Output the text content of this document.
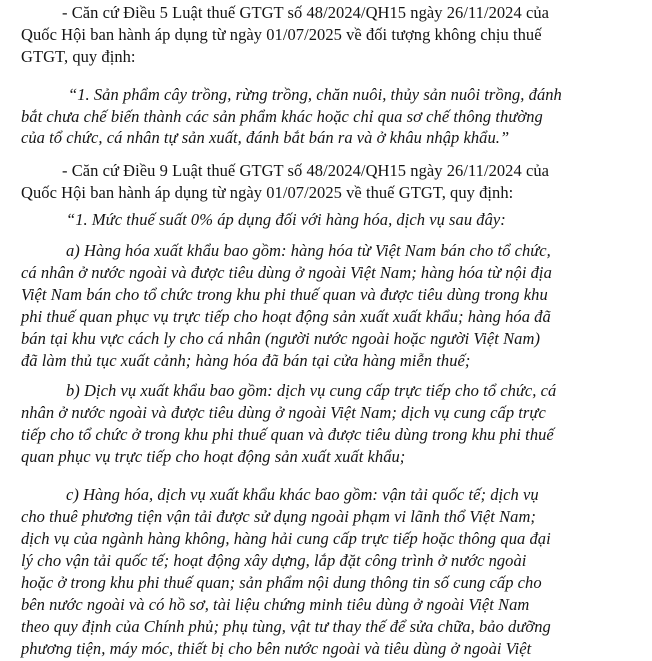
- Căn cứ Điều 5 Luật thuế GTGT số 48/2024/QH15 ngày 26/11/2024 của
Quốc Hội ban hành áp dụng từ ngày 01/07/2025 về đối tượng không chịu thuế
GTGT, quy định:
“1. Sản phẩm cây trồng, rừng trồng, chăn nuôi, thủy sản nuôi trồng, đánh
bắt chưa chế biến thành các sản phẩm khác hoặc chỉ qua sơ chế thông thường
của tổ chức, cá nhân tự sản xuất, đánh bắt bán ra và ở khâu nhập khẩu.”
- Căn cứ Điều 9 Luật thuế GTGT số 48/2024/QH15 ngày 26/11/2024 của
Quốc Hội ban hành áp dụng từ ngày 01/07/2025 về thuế GTGT, quy định:
“1. Mức thuế suất 0% áp dụng đối với hàng hóa, dịch vụ sau đây:
a) Hàng hóa xuất khẩu bao gồm: hàng hóa từ Việt Nam bán cho tổ chức,
cá nhân ở nước ngoài và được tiêu dùng ở ngoài Việt Nam; hàng hóa từ nội địa
Việt Nam bán cho tổ chức trong khu phi thuế quan và được tiêu dùng trong khu
phi thuế quan phục vụ trực tiếp cho hoạt động sản xuất xuất khẩu; hàng hóa đã
bán tại khu vực cách ly cho cá nhân (người nước ngoài hoặc người Việt Nam)
đã làm thủ tục xuất cảnh; hàng hóa đã bán tại cửa hàng miễn thuế;
b) Dịch vụ xuất khẩu bao gồm: dịch vụ cung cấp trực tiếp cho tổ chức, cá
nhân ở nước ngoài và được tiêu dùng ở ngoài Việt Nam; dịch vụ cung cấp trực
tiếp cho tổ chức ở trong khu phi thuế quan và được tiêu dùng trong khu phi thuế
quan phục vụ trực tiếp cho hoạt động sản xuất xuất khẩu;
c) Hàng hóa, dịch vụ xuất khẩu khác bao gồm: vận tải quốc tế; dịch vụ
cho thuê phương tiện vận tải được sử dụng ngoài phạm vi lãnh thổ Việt Nam;
dịch vụ của ngành hàng không, hàng hải cung cấp trực tiếp hoặc thông qua đại
lý cho vận tải quốc tế; hoạt động xây dựng, lắp đặt công trình ở nước ngoài
hoặc ở trong khu phi thuế quan; sản phẩm nội dung thông tin số cung cấp cho
bên nước ngoài và có hồ sơ, tài liệu chứng minh tiêu dùng ở ngoài Việt Nam
theo quy định của Chính phủ; phụ tùng, vật tư thay thế để sửa chữa, bảo dưỡng
phương tiện, máy móc, thiết bị cho bên nước ngoài và tiêu dùng ở ngoài Việt
